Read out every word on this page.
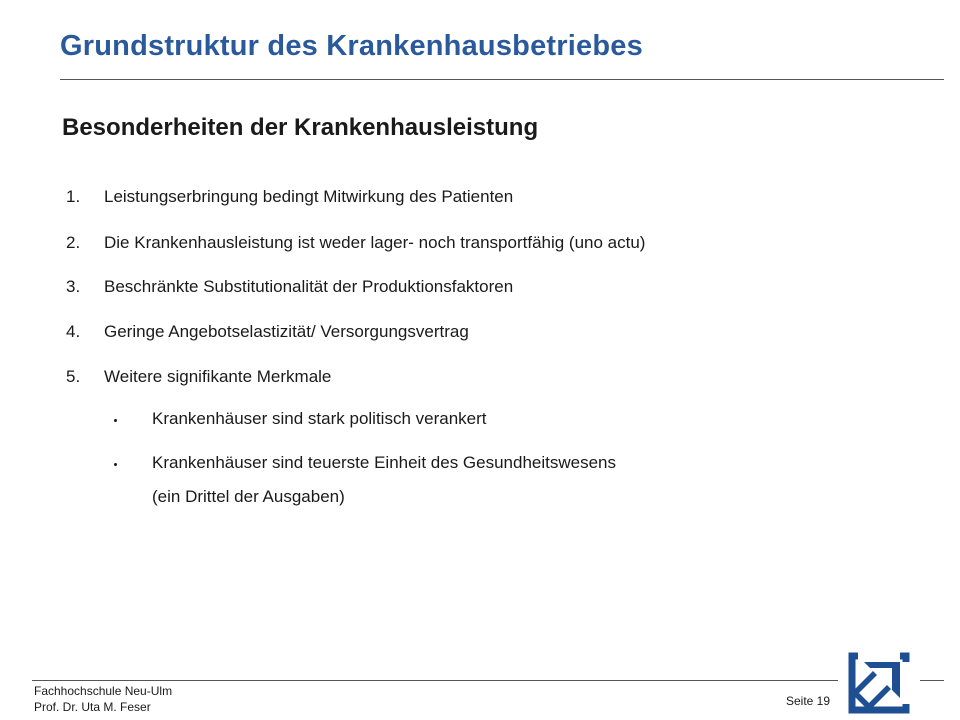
Grundstruktur des Krankenhausbetriebes
Besonderheiten der Krankenhausleistung
1. Leistungserbringung bedingt Mitwirkung des Patienten
2. Die Krankenhausleistung ist weder lager- noch transportfähig (uno actu)
3. Beschränkte Substitutionalität der Produktionsfaktoren
4. Geringe Angebotselastizität/ Versorgungsvertrag
5. Weitere signifikante Merkmale
Krankenhäuser sind stark politisch verankert
Krankenhäuser sind teuerste Einheit des Gesundheitswesens
(ein Drittel der Ausgaben)
Fachhochschule Neu-Ulm
Prof. Dr. Uta M. Feser	Seite 19
